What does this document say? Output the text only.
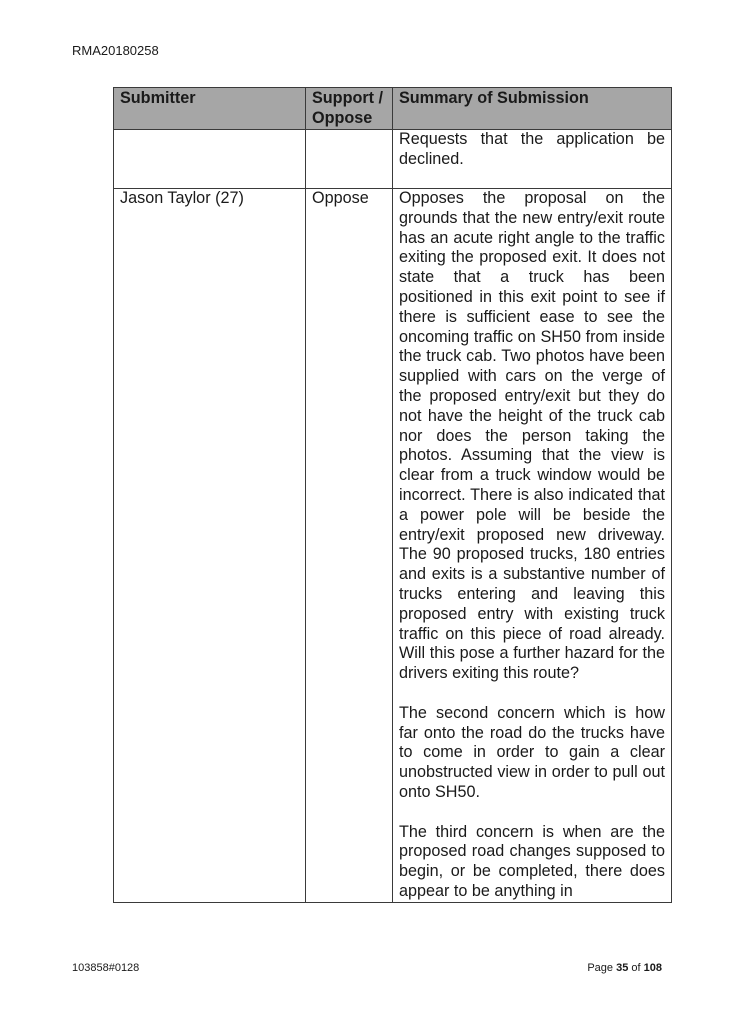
RMA20180258
Submitter	Support / Oppose	Summary of Submission

		Requests that the application be declined.

Jason Taylor (27)	Oppose	Opposes the proposal on the grounds that the new entry/exit route has an acute right angle to the traffic exiting the proposed exit. It does not state that a truck has been positioned in this exit point to see if there is sufficient ease to see the oncoming traffic on SH50 from inside the truck cab. Two photos have been supplied with cars on the verge of the proposed entry/exit but they do not have the height of the truck cab nor does the person taking the photos. Assuming that the view is clear from a truck window would be incorrect. There is also indicated that a power pole will be beside the entry/exit proposed new driveway. The 90 proposed trucks, 180 entries and exits is a substantive number of trucks entering and leaving this proposed entry with existing truck traffic on this piece of road already. Will this pose a further hazard for the drivers exiting this route?

The second concern which is how far onto the road do the trucks have to come in order to gain a clear unobstructed view in order to pull out onto SH50.

The third concern is when are the proposed road changes supposed to begin, or be completed, there does appear to be anything in

103858#0128	Page 35 of 108
